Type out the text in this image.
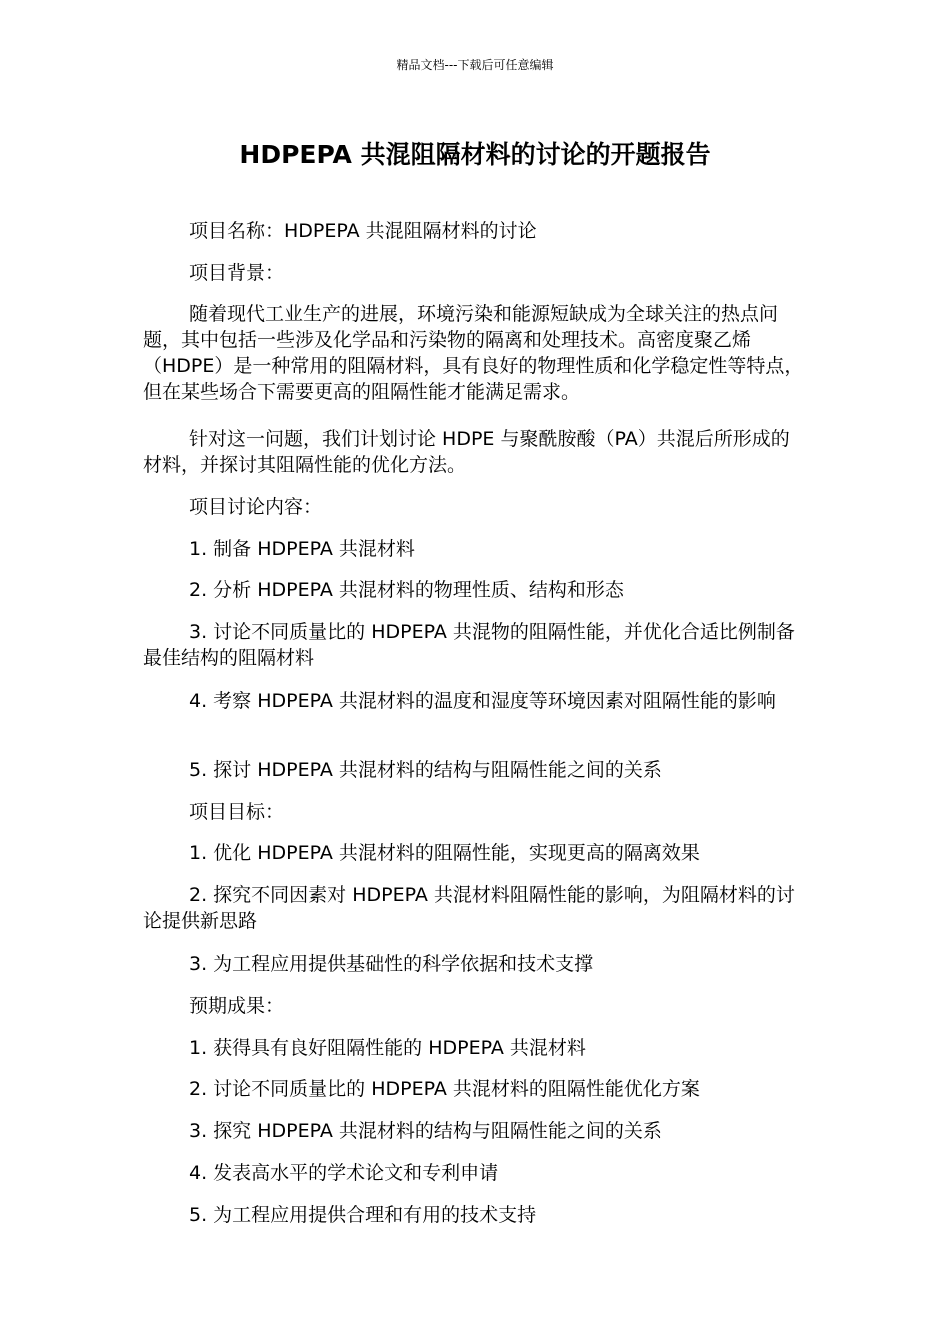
精品文档---下载后可任意编辑
HDPEPA 共混阻隔材料的讨论的开题报告

项目名称：HDPEPA 共混阻隔材料的讨论

项目背景：

随着现代工业生产的进展，环境污染和能源短缺成为全球关注的热点问题，其中包括一些涉及化学品和污染物的隔离和处理技术。高密度聚乙烯（HDPE）是一种常用的阻隔材料，具有良好的物理性质和化学稳定性等特点，但在某些场合下需要更高的阻隔性能才能满足需求。

针对这一问题，我们计划讨论 HDPE 与聚酰胺酸（PA）共混后所形成的材料，并探讨其阻隔性能的优化方法。

项目讨论内容：

1. 制备 HDPEPA 共混材料

2. 分析 HDPEPA 共混材料的物理性质、结构和形态

3. 讨论不同质量比的 HDPEPA 共混物的阻隔性能，并优化合适比例制备最佳结构的阻隔材料

4. 考察 HDPEPA 共混材料的温度和湿度等环境因素对阻隔性能的影响

5. 探讨 HDPEPA 共混材料的结构与阻隔性能之间的关系

项目目标：

1. 优化 HDPEPA 共混材料的阻隔性能，实现更高的隔离效果

2. 探究不同因素对 HDPEPA 共混材料阻隔性能的影响，为阻隔材料的讨论提供新思路

3. 为工程应用提供基础性的科学依据和技术支撑

预期成果：

1. 获得具有良好阻隔性能的 HDPEPA 共混材料

2. 讨论不同质量比的 HDPEPA 共混材料的阻隔性能优化方案

3. 探究 HDPEPA 共混材料的结构与阻隔性能之间的关系

4. 发表高水平的学术论文和专利申请

5. 为工程应用提供合理和有用的技术支持
